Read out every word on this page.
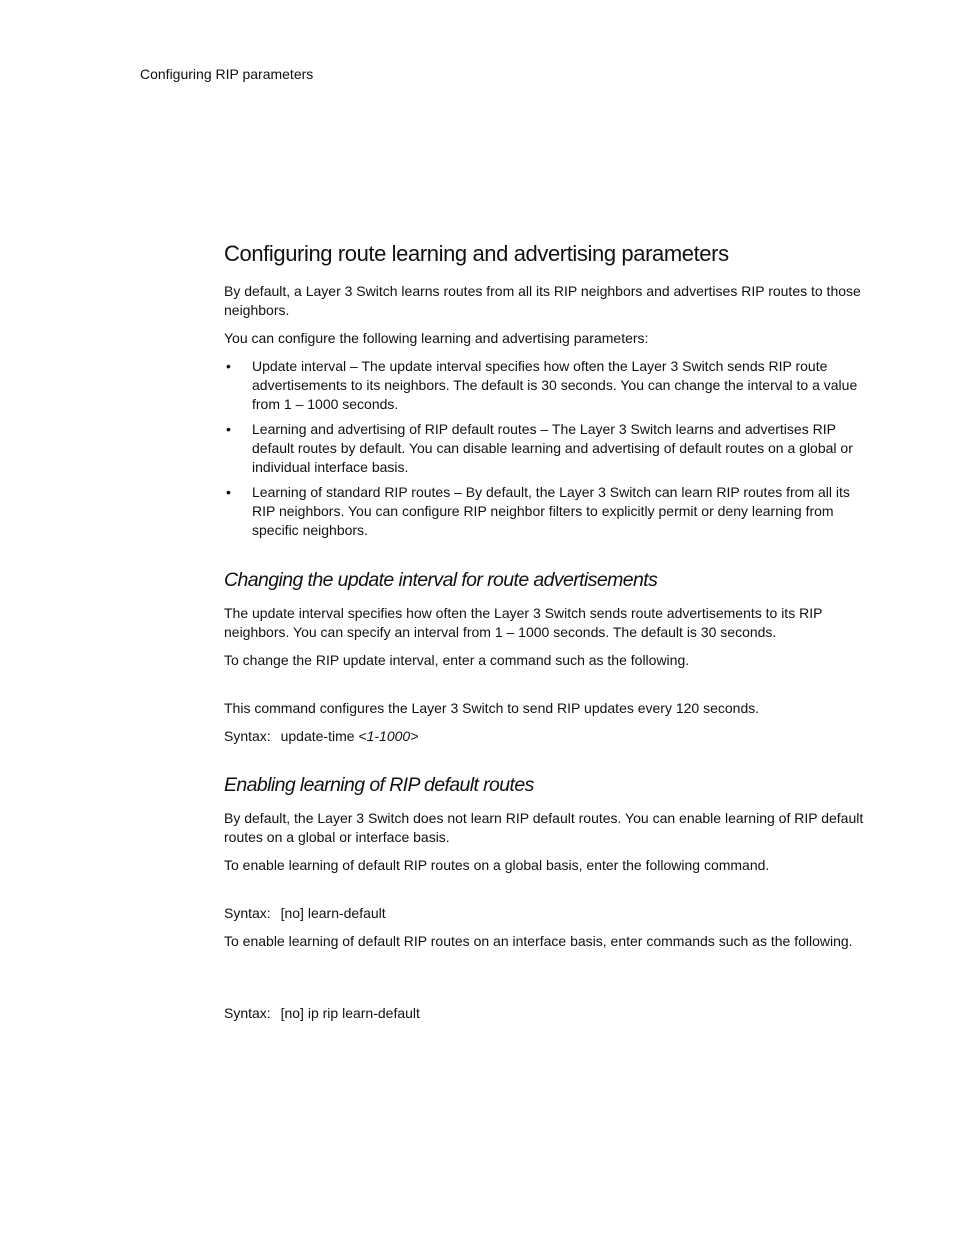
Configuring RIP parameters
Configuring route learning and advertising parameters

By default, a Layer 3 Switch learns routes from all its RIP neighbors and advertises RIP routes to those neighbors.

You can configure the following learning and advertising parameters:

• Update interval – The update interval specifies how often the Layer 3 Switch sends RIP route advertisements to its neighbors. The default is 30 seconds. You can change the interval to a value from 1 – 1000 seconds.
• Learning and advertising of RIP default routes – The Layer 3 Switch learns and advertises RIP default routes by default. You can disable learning and advertising of default routes on a global or individual interface basis.
• Learning of standard RIP routes – By default, the Layer 3 Switch can learn RIP routes from all its RIP neighbors. You can configure RIP neighbor filters to explicitly permit or deny learning from specific neighbors.
Changing the update interval for route advertisements

The update interval specifies how often the Layer 3 Switch sends route advertisements to its RIP neighbors. You can specify an interval from 1 – 1000 seconds. The default is 30 seconds.

To change the RIP update interval, enter a command such as the following.

This command configures the Layer 3 Switch to send RIP updates every 120 seconds.

Syntax: update-time <1-1000>

Enabling learning of RIP default routes

By default, the Layer 3 Switch does not learn RIP default routes. You can enable learning of RIP default routes on a global or interface basis.

To enable learning of default RIP routes on a global basis, enter the following command.

Syntax: [no] learn-default

To enable learning of default RIP routes on an interface basis, enter commands such as the following.

Syntax: [no] ip rip learn-default
